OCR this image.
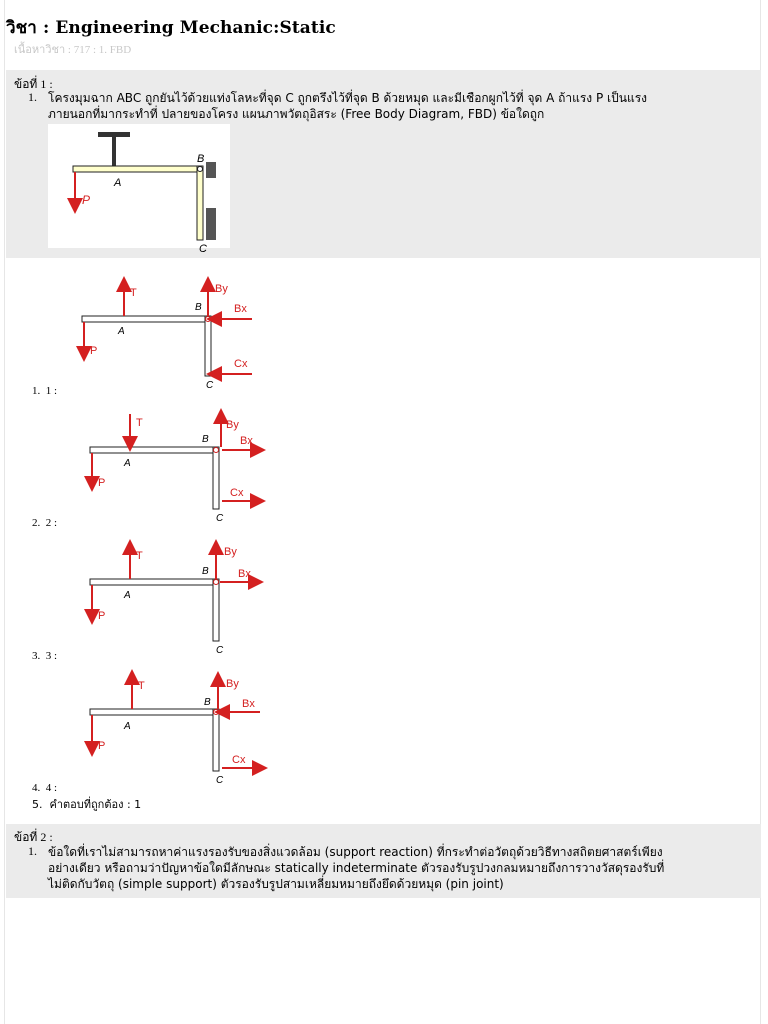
วิชา : Engineering Mechanic:Static
เนื้อหาวิชา : 717 : 1. FBD
ข้อที่ 1 :
1. โครงมุมฉาก ABC ถูกยันไว้ด้วยแท่งโลหะที่จุด C ถูกตรึงไว้ที่จุด B ด้วยหมุด และมีเชือกผูกไว้ที่ จุด A ถ้าแรง P เป็นแรง
ภายนอกที่มากระทำที่ ปลายของโครง แผนภาพวัตถุอิสระ (Free Body Diagram, FBD) ข้อใดถูก
P
A
B
C
1. 1 :
T	By
Bx
Cx
P
A
B
C
2. 2 :
T	By
Bx
Cx
P
A
B
C
3. 3 :
T	By
Bx
P
A
B
C
4. 4 :
T	By
Bx
Cx
P
A
B
C
5. คำตอบที่ถูกต้อง : 1
ข้อที่ 2 :
1. ข้อใดที่เราไม่สามารถหาค่าแรงรองรับของสิ่งแวดล้อม (support reaction) ที่กระทำต่อวัตถุด้วยวิธีทางสถิตยศาสตร์เพียง
อย่างเดียว หรือถามว่าปัญหาข้อใดมีลักษณะ statically indeterminate ตัวรองรับรูปวงกลมหมายถึงการวางวัสดุรองรับที่
ไม่ติดกับวัตถุ (simple support) ตัวรองรับรูปสามเหลี่ยมหมายถึงยึดด้วยหมุด (pin joint)
